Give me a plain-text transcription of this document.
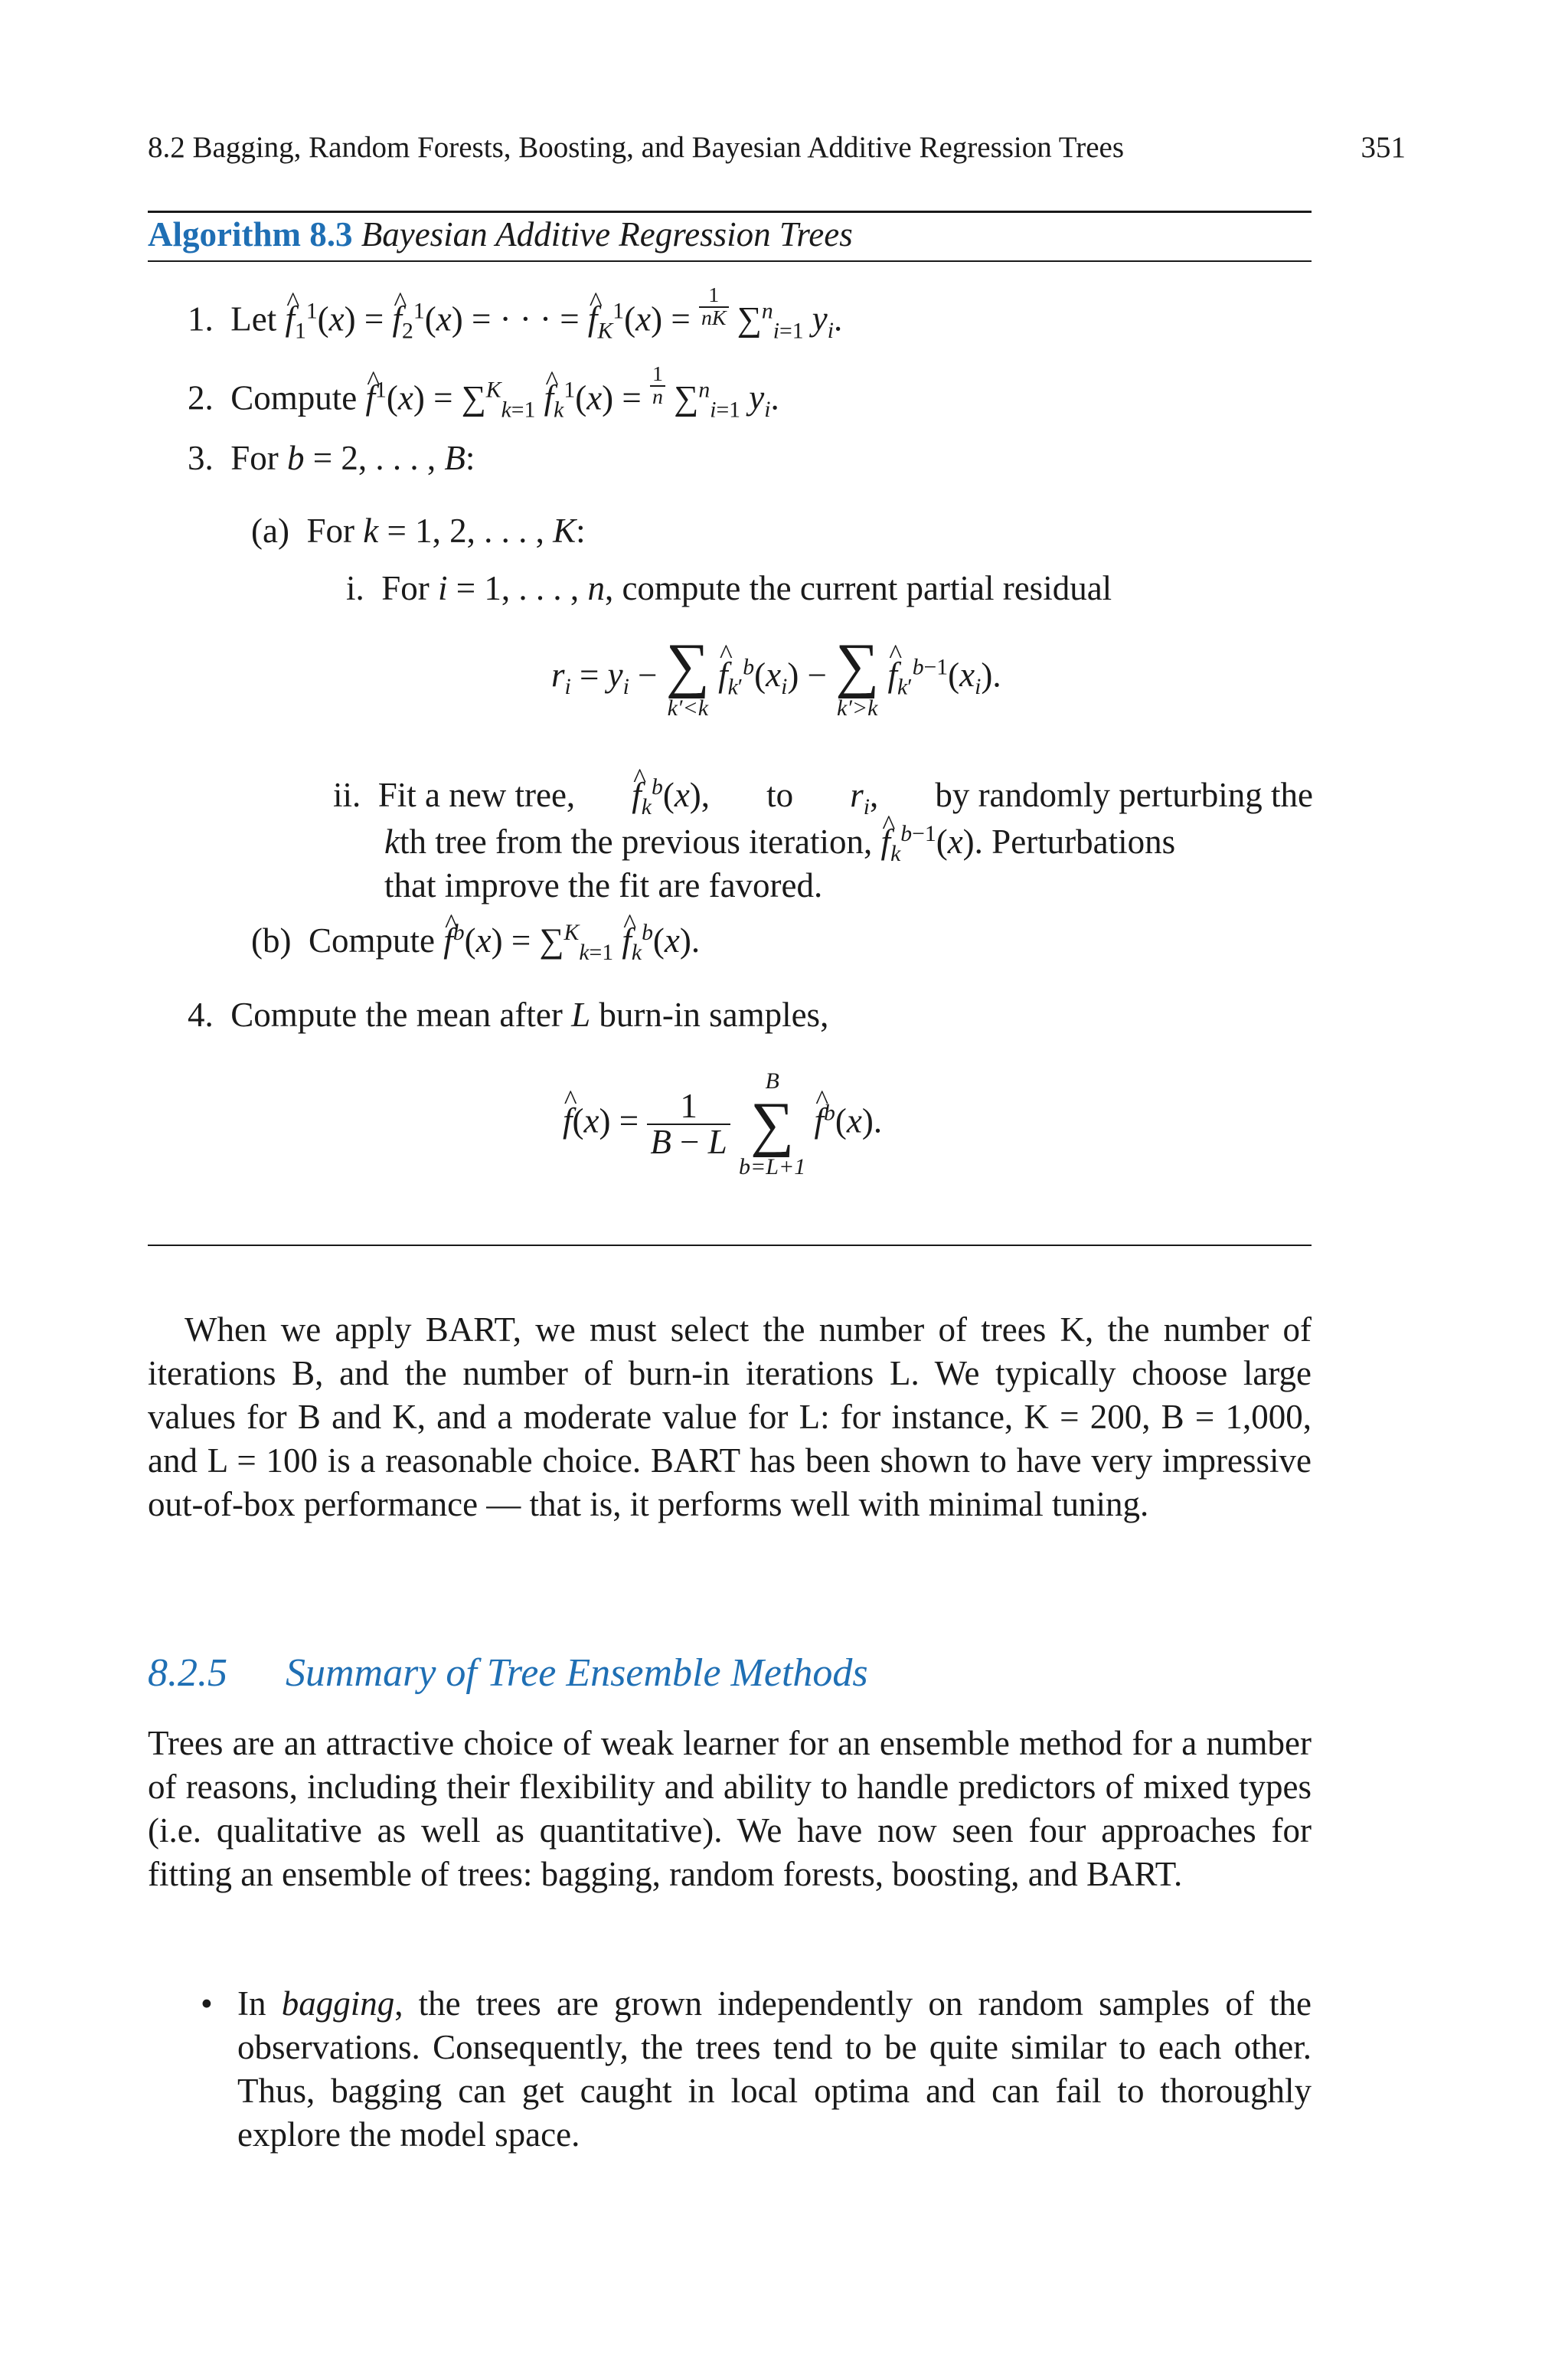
8.2 Bagging, Random Forests, Boosting, and Bayesian Additive Regression Trees	351
Algorithm 8.3 Bayesian Additive Regression Trees
1. Let ^ $f_1^1(x)$ = ^ $f_2^1(x)$ = · · · = ^ $f_K^1(x) = \frac{1}{nK} \sum^n_{i=1}$ $y_i$.
2. Compute ^ $f^1(x) = \sum^K_{k=1}$ ^ $f_k^1(x) = \frac{1}{n} \sum^n_{i=1}$ $y_i$.
3. For b = 2, . . . , B:
(a) For k = 1, 2, . . . , K:
i. For i = 1, . . . , n, compute the current partial residual
$r_i = y_i$ − ∑
k′<k
^ $f_{k'}^b(x_i)$ − ∑
k′>k
^ $f_{k'}^{b-1}(x_i)$.
ii. Fit a new tree, ^ $f_k^b(x)$, to $r_i$, by randomly perturbing the
kth tree from the previous iteration, ^ $f_k^{b-1}(x)$. Perturbations
that improve the fit are favored.
(b) Compute ^ $f^b(x) = \sum^K_{k=1}$ ^ $f_k^b(x)$.
4. Compute the mean after L burn-in samples,
^ $f(x) = \frac{1}{B - L}$

B
∑
b=L+1
^ $f^b(x)$.
When we apply BART, we must select the number of trees K, the number of iterations B, and the number of burn-in iterations L. We typically choose large values for B and K, and a moderate value for L: for instance, K = 200, B = 1,000, and L = 100 is a reasonable choice. BART has been shown to have very impressive out-of-box performance — that is, it performs well with minimal tuning.
8.2.5 Summary of Tree Ensemble Methods
Trees are an attractive choice of weak learner for an ensemble method for a number of reasons, including their flexibility and ability to handle predictors of mixed types (i.e. qualitative as well as quantitative). We have now seen four approaches for fitting an ensemble of trees: bagging, random forests, boosting, and BART.
• In bagging, the trees are grown independently on random samples of the observations. Consequently, the trees tend to be quite similar to each other. Thus, bagging can get caught in local optima and can fail to thoroughly explore the model space.
